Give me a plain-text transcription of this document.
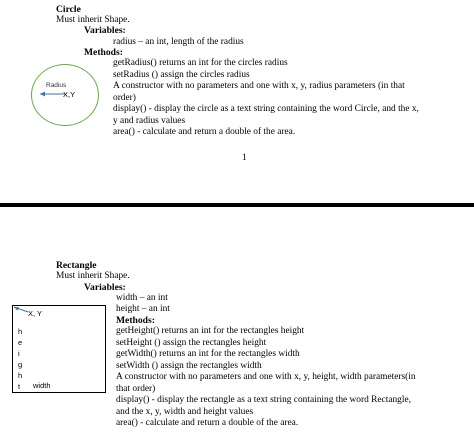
Circle
Must inherit Shape.
Variables:
radius – an int, length of the radius
Methods:
getRadius() returns an int for the circles radius
setRadius () assign the circles radius
A constructor with no parameters and one with x, y, radius parameters (in that
order)
display() - display the circle as a text string containing the word Circle, and the x,
y and radius values
area() - calculate and return a double of the area.
Radius
X,Y
1
Rectangle
Must inherit Shape.
Variables:
width – an int
height – an int
Methods:
getHeight() returns an int for the rectangles height
setHeight () assign the rectangles height
getWidth() returns an int for the rectangles width
setWidth () assign the rectangles width
A constructor with no parameters and one with x, y, height, width parameters(in
that order)
display() - display the rectangle as a text string containing the word Rectangle,
and the x, y, width and height values
area() - calculate and return a double of the area.
X, Y
h
e
i
g
h
t width
